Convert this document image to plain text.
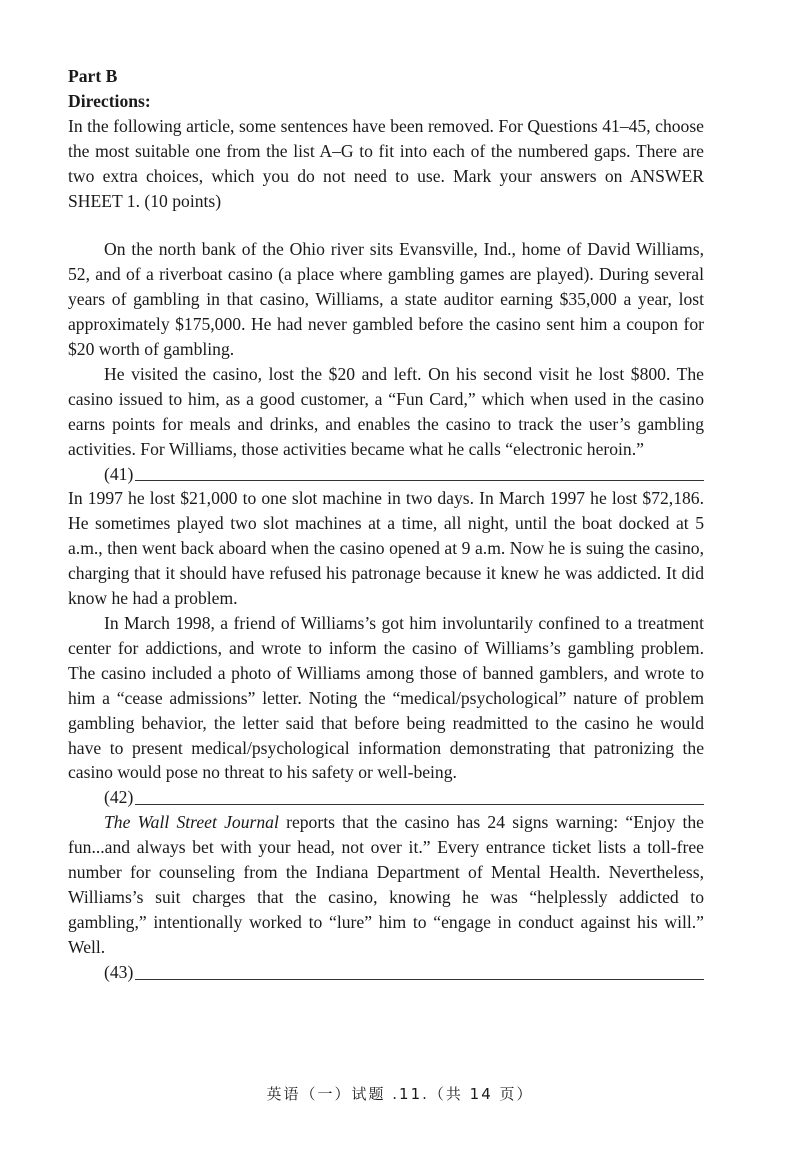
Part B

Directions:

In the following article, some sentences have been removed. For Questions 41–45, choose the most suitable one from the list A–G to fit into each of the numbered gaps. There are two extra choices, which you do not need to use. Mark your answers on ANSWER SHEET 1. (10 points)

On the north bank of the Ohio river sits Evansville, Ind., home of David Williams, 52, and of a riverboat casino (a place where gambling games are played). During several years of gambling in that casino, Williams, a state auditor earning $35,000 a year, lost approximately $175,000. He had never gambled before the casino sent him a coupon for $20 worth of gambling.

He visited the casino, lost the $20 and left. On his second visit he lost $800. The casino issued to him, as a good customer, a “Fun Card,” which when used in the casino earns points for meals and drinks, and enables the casino to track the user’s gambling activities. For Williams, those activities became what he calls “electronic heroin.”

(41)

In 1997 he lost $21,000 to one slot machine in two days. In March 1997 he lost $72,186. He sometimes played two slot machines at a time, all night, until the boat docked at 5 a.m., then went back aboard when the casino opened at 9 a.m. Now he is suing the casino, charging that it should have refused his patronage because it knew he was addicted. It did know he had a problem.

In March 1998, a friend of Williams’s got him involuntarily confined to a treatment center for addictions, and wrote to inform the casino of Williams’s gambling problem. The casino included a photo of Williams among those of banned gamblers, and wrote to him a “cease admissions” letter. Noting the “medical/psychological” nature of problem gambling behavior, the letter said that before being readmitted to the casino he would have to present medical/psychological information demonstrating that patronizing the casino would pose no threat to his safety or well-being.

(42)

The Wall Street Journal reports that the casino has 24 signs warning: “Enjoy the fun...and always bet with your head, not over it.” Every entrance ticket lists a toll-free number for counseling from the Indiana Department of Mental Health. Nevertheless, Williams’s suit charges that the casino, knowing he was “helplessly addicted to gambling,” intentionally worked to “lure” him to “engage in conduct against his will.” Well.

(43)
英语（一）试题 .11.（共 14 页）
